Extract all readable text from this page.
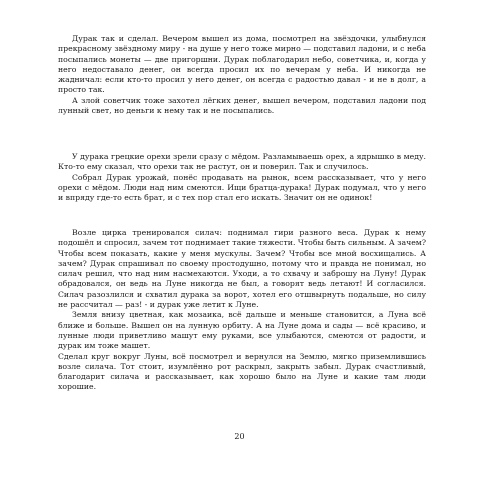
Дурак так и сделал. Вечером вышел из дома, посмотрел на звёздочки, улыбнулся прекрасному звёздному миру - на душе у него тоже мирно — подставил ладони, и с неба посыпались монеты — две пригоршни. Дурак поблагодарил небо, советчика, и, когда у него недоставало денег, он всегда просил их по вечерам у неба. И никогда не жадничал: если кто-то просил у него денег, он всегда с радостью давал - и не в долг, а просто так.

А злой советчик тоже захотел лёгких денег, вышел вечером, подставил ладони под лунный свет, но деньги к нему так и не посыпались.

У дурака грецкие орехи зрели сразу с мёдом. Разламываешь орех, а ядрышко в меду. Кто-то ему сказал, что орехи так не растут, он и поверил. Так и случилось.

Собрал Дурак урожай, понёс продавать на рынок, всем рассказывает, что у него орехи с мёдом. Люди над ним смеются. Ищи братца-дурака! Дурак подумал, что у него и впряду где-то есть брат, и с тех пор стал его искать. Значит он не одинок!

Возле цирка тренировался силач: поднимал гири разного веса. Дурак к нему подошёл и спросил, зачем тот поднимает такие тяжести. Чтобы быть сильным. А зачем? Чтобы всем показать, какие у меня мускулы. Зачем? Чтобы все мной восхищались. А зачем? Дурак спрашивал по своему простодушно, потому что и правда не понимал, но силач решил, что над ним насмехаются. Уходи, а то схвачу и заброшу на Луну! Дурак обрадовался, он ведь на Луне никогда не был, а говорят ведь летают! И согласился. Силач разозлился и схватил дурака за ворот, хотел его отшвырнуть подальше, но силу не рассчитал — раз! - и дурак уже летит к Луне.

Земля внизу цветная, как мозаика, всё дальше и меньше становится, а Луна всё ближе и больше. Вышел он на лунную орбиту. А на Луне дома и сады — всё красиво, и лунные люди приветливо машут ему руками, все улыбаются, смеются от радости, и дурак им тоже машет.

Сделал круг вокруг Луны, всё посмотрел и вернулся на Землю, мягко приземлившись возле силача. Тот стоит, изумлённо рот раскрыл, закрыть забыл. Дурак счастливый, благодарит силача и рассказывает, как хорошо было на Луне и какие там люди хорошие.

20
